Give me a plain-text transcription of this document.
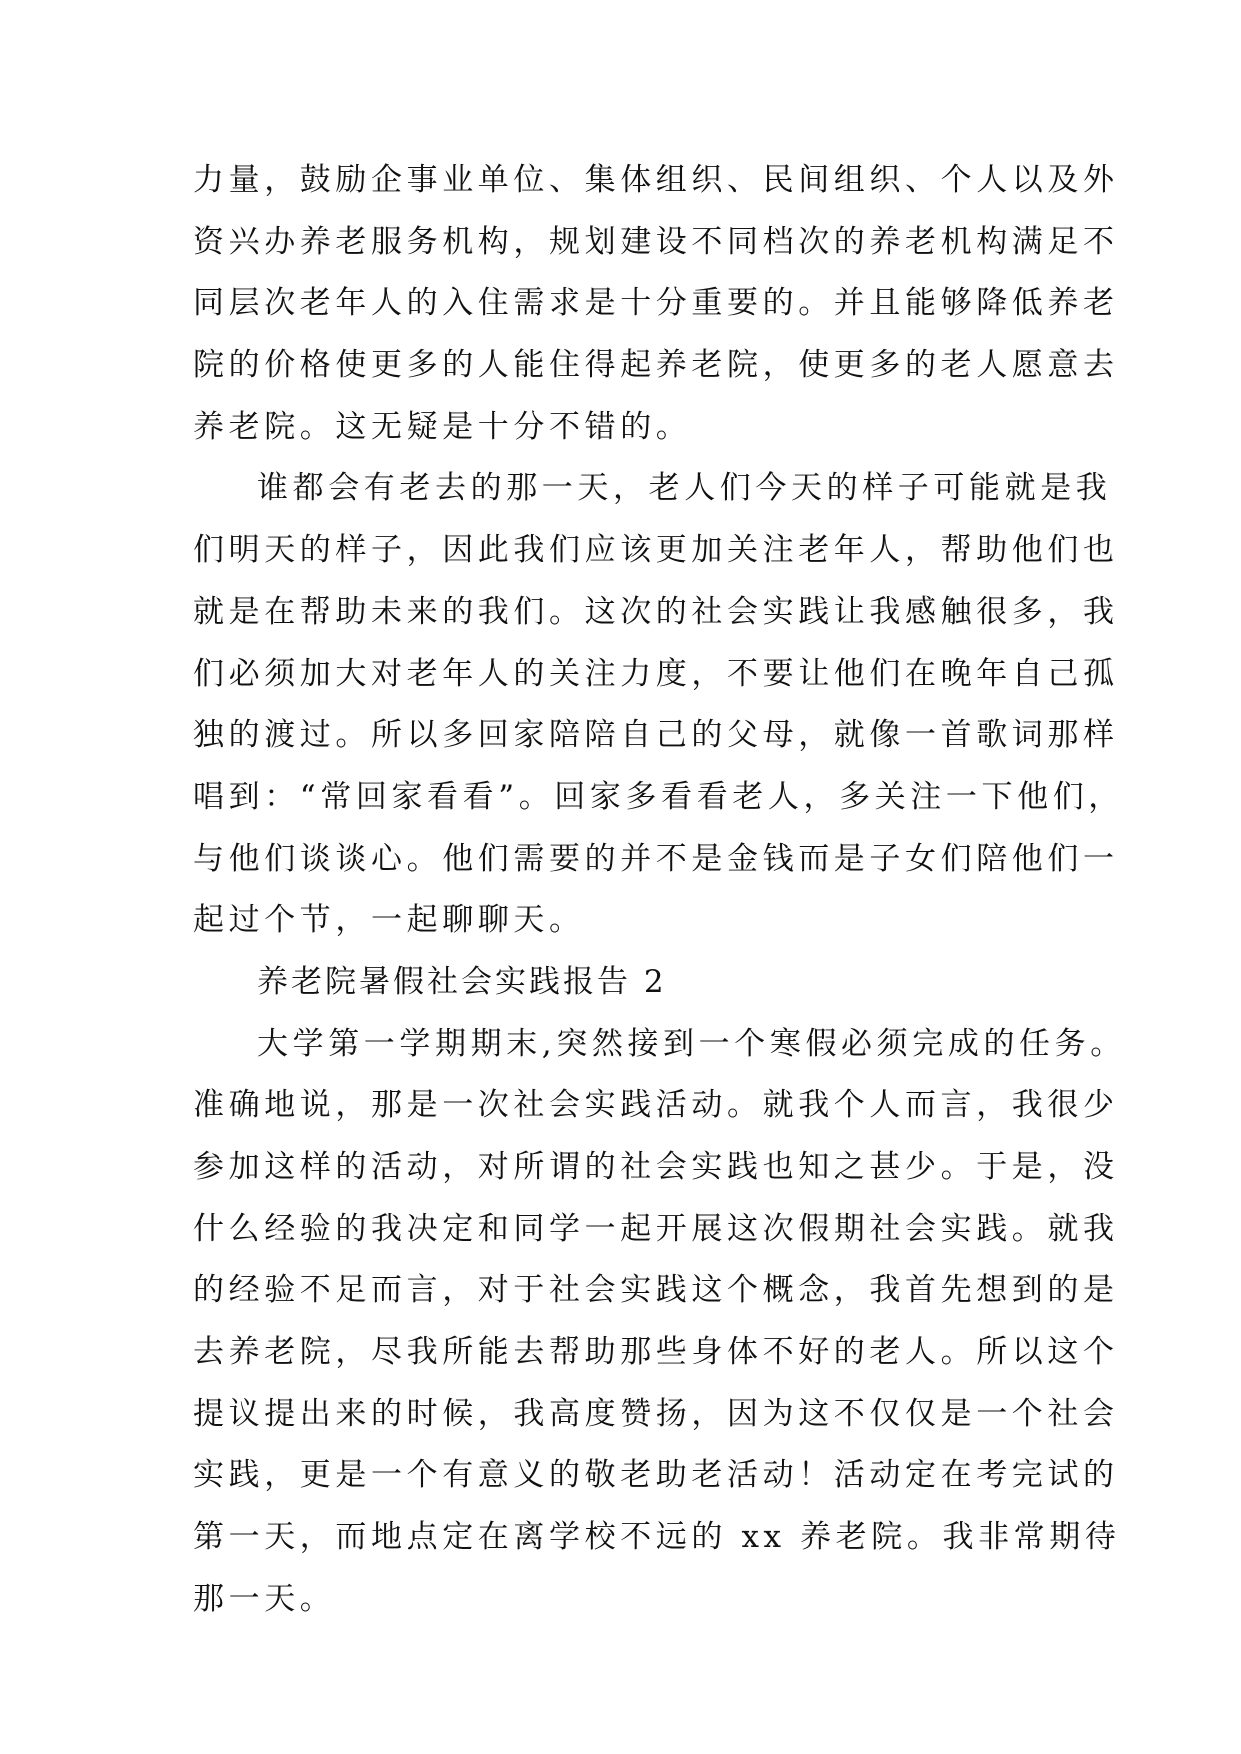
力量，鼓励企事业单位、集体组织、民间组织、个人以及外
资兴办养老服务机构，规划建设不同档次的养老机构满足不
同层次老年人的入住需求是十分重要的。并且能够降低养老
院的价格使更多的人能住得起养老院，使更多的老人愿意去
养老院。这无疑是十分不错的。
谁都会有老去的那一天，老人们今天的样子可能就是我
们明天的样子，因此我们应该更加关注老年人，帮助他们也
就是在帮助未来的我们。这次的社会实践让我感触很多，我
们必须加大对老年人的关注力度，不要让他们在晚年自己孤
独的渡过。所以多回家陪陪自己的父母，就像一首歌词那样
唱到：“常回家看看”。回家多看看老人，多关注一下他们，
与他们谈谈心。他们需要的并不是金钱而是子女们陪他们一
起过个节，一起聊聊天。
养老院暑假社会实践报告 2
大学第一学期期末,突然接到一个寒假必须完成的任务。
准确地说，那是一次社会实践活动。就我个人而言，我很少
参加这样的活动，对所谓的社会实践也知之甚少。于是，没
什么经验的我决定和同学一起开展这次假期社会实践。就我
的经验不足而言，对于社会实践这个概念，我首先想到的是
去养老院，尽我所能去帮助那些身体不好的老人。所以这个
提议提出来的时候，我高度赞扬，因为这不仅仅是一个社会
实践，更是一个有意义的敬老助老活动！活动定在考完试的
第一天，而地点定在离学校不远的 xx 养老院。我非常期待
那一天。
